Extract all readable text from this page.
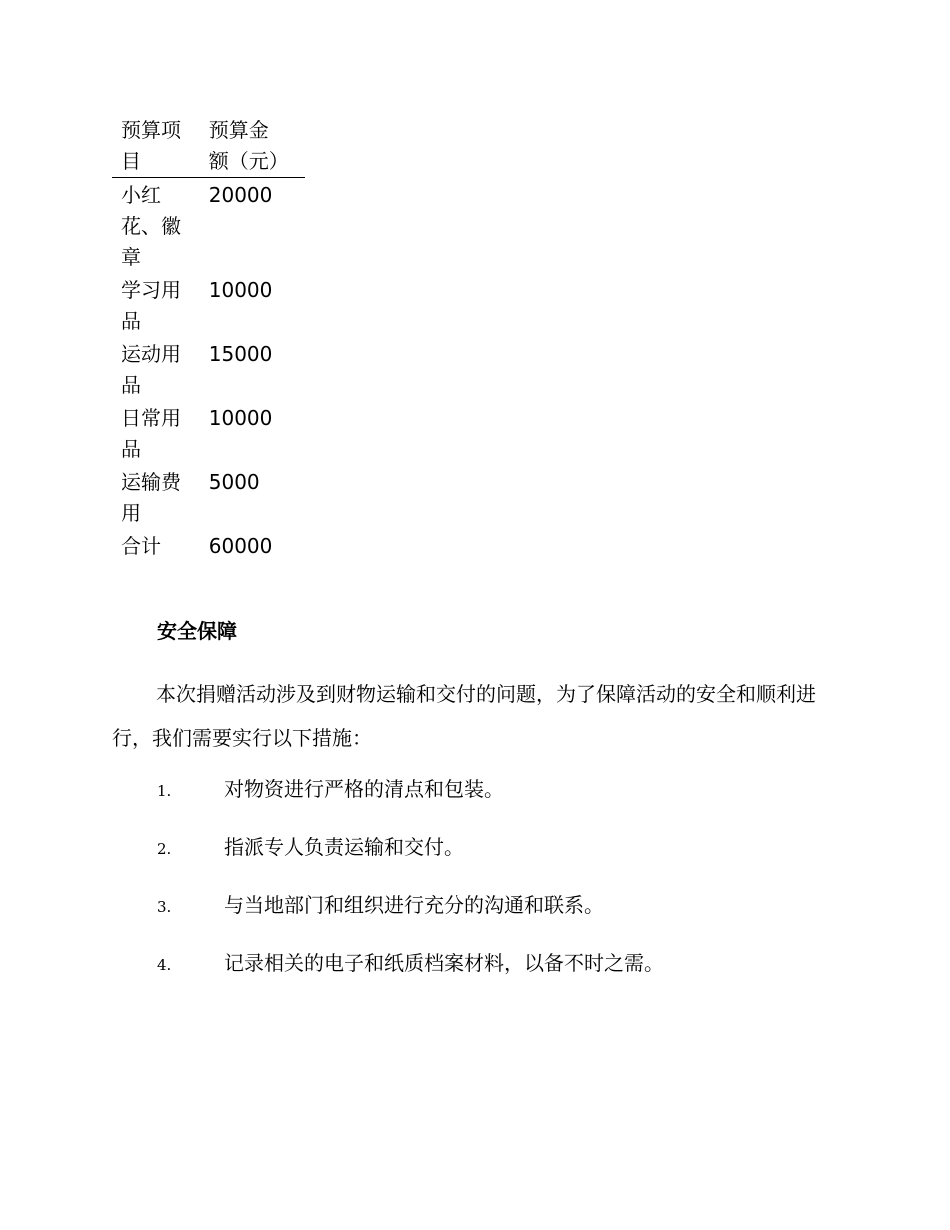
预算项目	预算金额（元）

小红花、徽章	20000

学习用品	10000

运动用品	15000

日常用品	10000

运输费用	5000

合计	60000
安全保障

本次捐赠活动涉及到财物运输和交付的问题，为了保障活动的安全和顺利进行，我们需要实行以下措施：

1.	对物资进行严格的清点和包装。
2.	指派专人负责运输和交付。
3.	与当地部门和组织进行充分的沟通和联系。
4.	记录相关的电子和纸质档案材料，以备不时之需。
